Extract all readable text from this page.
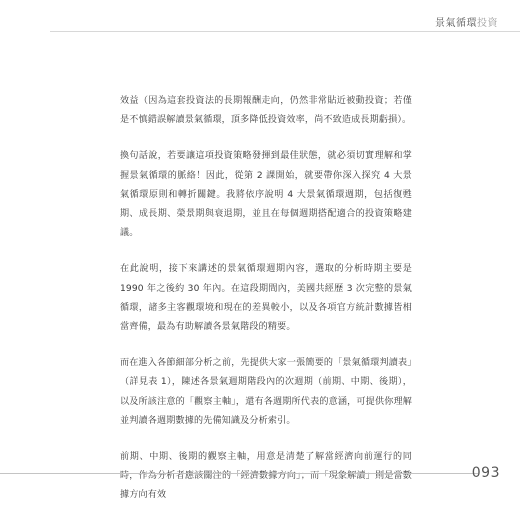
景氣循環投資

效益（因為這套投資法的長期報酬走向，仍然非常貼近被動投資；若僅是不慎錯誤解讀景氣循環，頂多降低投資效率，尚不致造成長期虧損）。

換句話說，若要讓這項投資策略發揮到最佳狀態，就必須切實理解和掌握景氣循環的脈絡！因此，從第 2 課開始，就要帶你深入探究 4 大景氣循環原則和轉折關鍵。我將依序說明 4 大景氣循環週期，包括復甦期、成長期、榮景期與衰退期，並且在每個週期搭配適合的投資策略建議。

在此說明，接下來講述的景氣循環週期內容，選取的分析時期主要是 1990 年之後約 30 年內。在這段期間內，美國共經歷 3 次完整的景氣循環，諸多主客觀環境和現在的差異較小，以及各項官方統計數據皆相當齊備，最為有助解讀各景氣階段的精要。

而在進入各節細部分析之前，先提供大家一張簡要的「景氣循環判讀表」（詳見表 1），陳述各景氣週期階段內的次週期（前期、中期、後期），以及所該注意的「觀察主軸」，還有各週期所代表的意涵，可提供你理解並判讀各週期數據的先備知識及分析索引。

前期、中期、後期的觀察主軸，用意是清楚了解當經濟向前運行的同時，作為分析者應該關注的「經濟數據方向」；而「現象解讀」則是當數據方向有效

093
